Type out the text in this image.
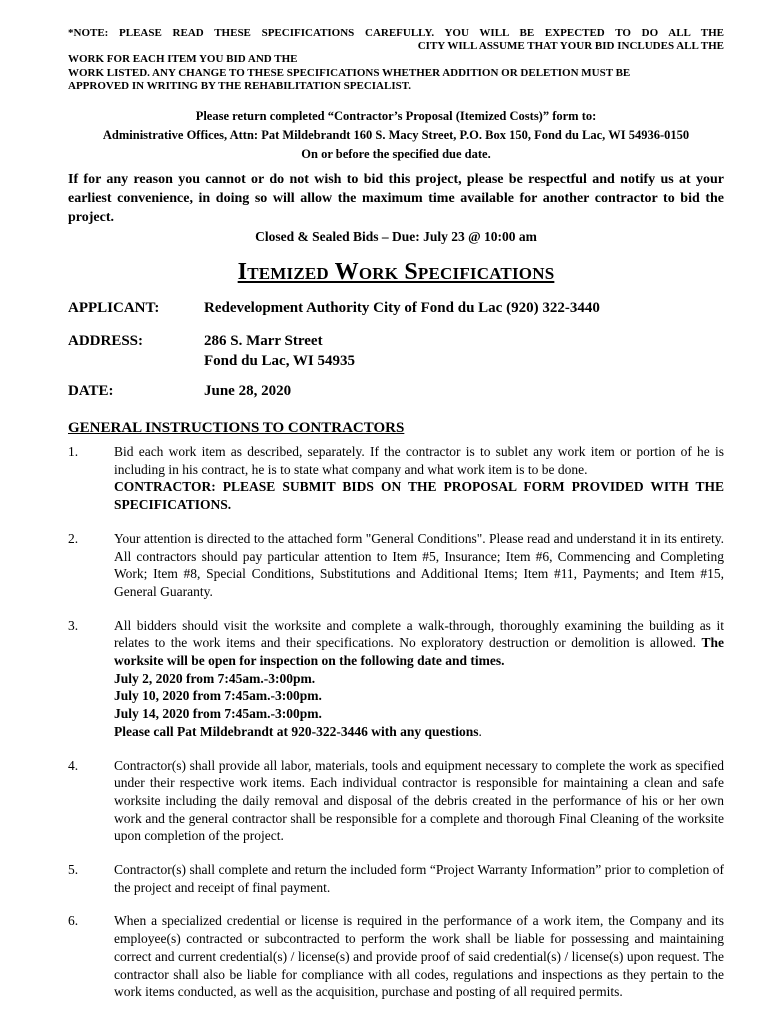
*NOTE: PLEASE READ THESE SPECIFICATIONS CAREFULLY. YOU WILL BE EXPECTED TO DO ALL THE
CITY WILL ASSUME THAT YOUR BID INCLUDES ALL THE
WORK FOR EACH ITEM YOU BID AND THE
WORK LISTED. ANY CHANGE TO THESE SPECIFICATIONS WHETHER ADDITION OR DELETION MUST BE
APPROVED IN WRITING BY THE REHABILITATION SPECIALIST.

Please return completed “Contractor’s Proposal (Itemized Costs)” form to:
Administrative Offices, Attn: Pat Mildebrandt 160 S. Macy Street, P.O. Box 150, Fond du Lac, WI 54936-0150
On or before the specified due date.
If for any reason you cannot or do not wish to bid this project, please be respectful and notify us at your earliest convenience, in doing so will allow the maximum time available for another contractor to bid the project.
Closed & Sealed Bids – Due: July 23 @ 10:00 am
Itemized Work Specifications
APPLICANT:	Redevelopment Authority City of Fond du Lac (920) 322-3440
ADDRESS:	286 S. Marr Street
Fond du Lac, WI 54935
DATE:	June 28, 2020
GENERAL INSTRUCTIONS TO CONTRACTORS
1.	Bid each work item as described, separately. If the contractor is to sublet any work item or portion of he is including in his contract, he is to state what company and what work item is to be done.
CONTRACTOR: PLEASE SUBMIT BIDS ON THE PROPOSAL FORM PROVIDED WITH THE SPECIFICATIONS.
2.	Your attention is directed to the attached form "General Conditions". Please read and understand it in its entirety. All contractors should pay particular attention to Item #5, Insurance; Item #6, Commencing and Completing Work; Item #8, Special Conditions, Substitutions and Additional Items; Item #11, Payments; and Item #15, General Guaranty.
3.	All bidders should visit the worksite and complete a walk-through, thoroughly examining the building as it relates to the work items and their specifications. No exploratory destruction or demolition is allowed. The worksite will be open for inspection on the following date and times.
July 2, 2020 from 7:45am.-3:00pm.
July 10, 2020 from 7:45am.-3:00pm.
July 14, 2020 from 7:45am.-3:00pm.
Please call Pat Mildebrandt at 920-322-3446 with any questions.
4.	Contractor(s) shall provide all labor, materials, tools and equipment necessary to complete the work as specified under their respective work items. Each individual contractor is responsible for maintaining a clean and safe worksite including the daily removal and disposal of the debris created in the performance of his or her own work and the general contractor shall be responsible for a complete and thorough Final Cleaning of the worksite upon completion of the project.
5.	Contractor(s) shall complete and return the included form “Project Warranty Information” prior to completion of the project and receipt of final payment.
6.	When a specialized credential or license is required in the performance of a work item, the Company and its employee(s) contracted or subcontracted to perform the work shall be liable for possessing and maintaining correct and current credential(s) / license(s) and provide proof of said credential(s) / license(s) upon request. The contractor shall also be liable for compliance with all codes, regulations and inspections as they pertain to the work items conducted, as well as the acquisition, purchase and posting of all required permits.
